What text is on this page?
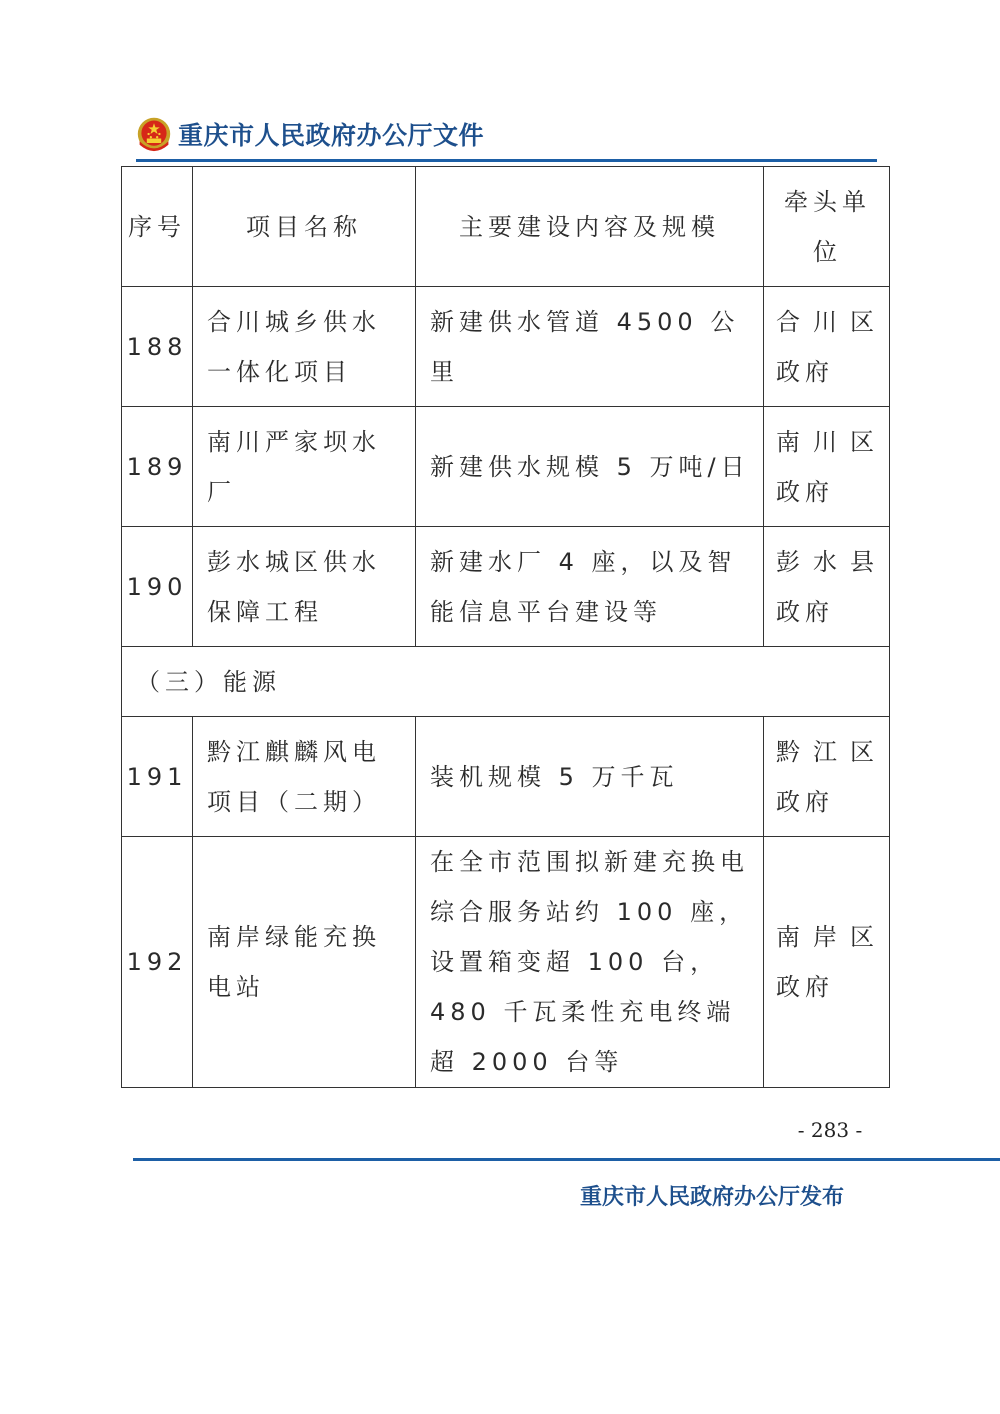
重庆市人民政府办公厅文件
序号	项目名称	主要建设内容及规模	牵头单位
188	合川城乡供水一体化项目	新建供水管道 4500 公里	合川区政府
189	南川严家坝水厂	新建供水规模 5 万吨/日	南川区政府
190	彭水城区供水保障工程	新建水厂 4 座，以及智能信息平台建设等	彭水县政府
（三）能源			
191	黔江麒麟风电项目（二期）	装机规模 5 万千瓦	黔江区政府
192	南岸绿能充换电站	在全市范围拟新建充换电综合服务站约 100 座，设置箱变超 100 台，480 千瓦柔性充电终端超 2000 台等	南岸区政府
- 283 -
重庆市人民政府办公厅发布
